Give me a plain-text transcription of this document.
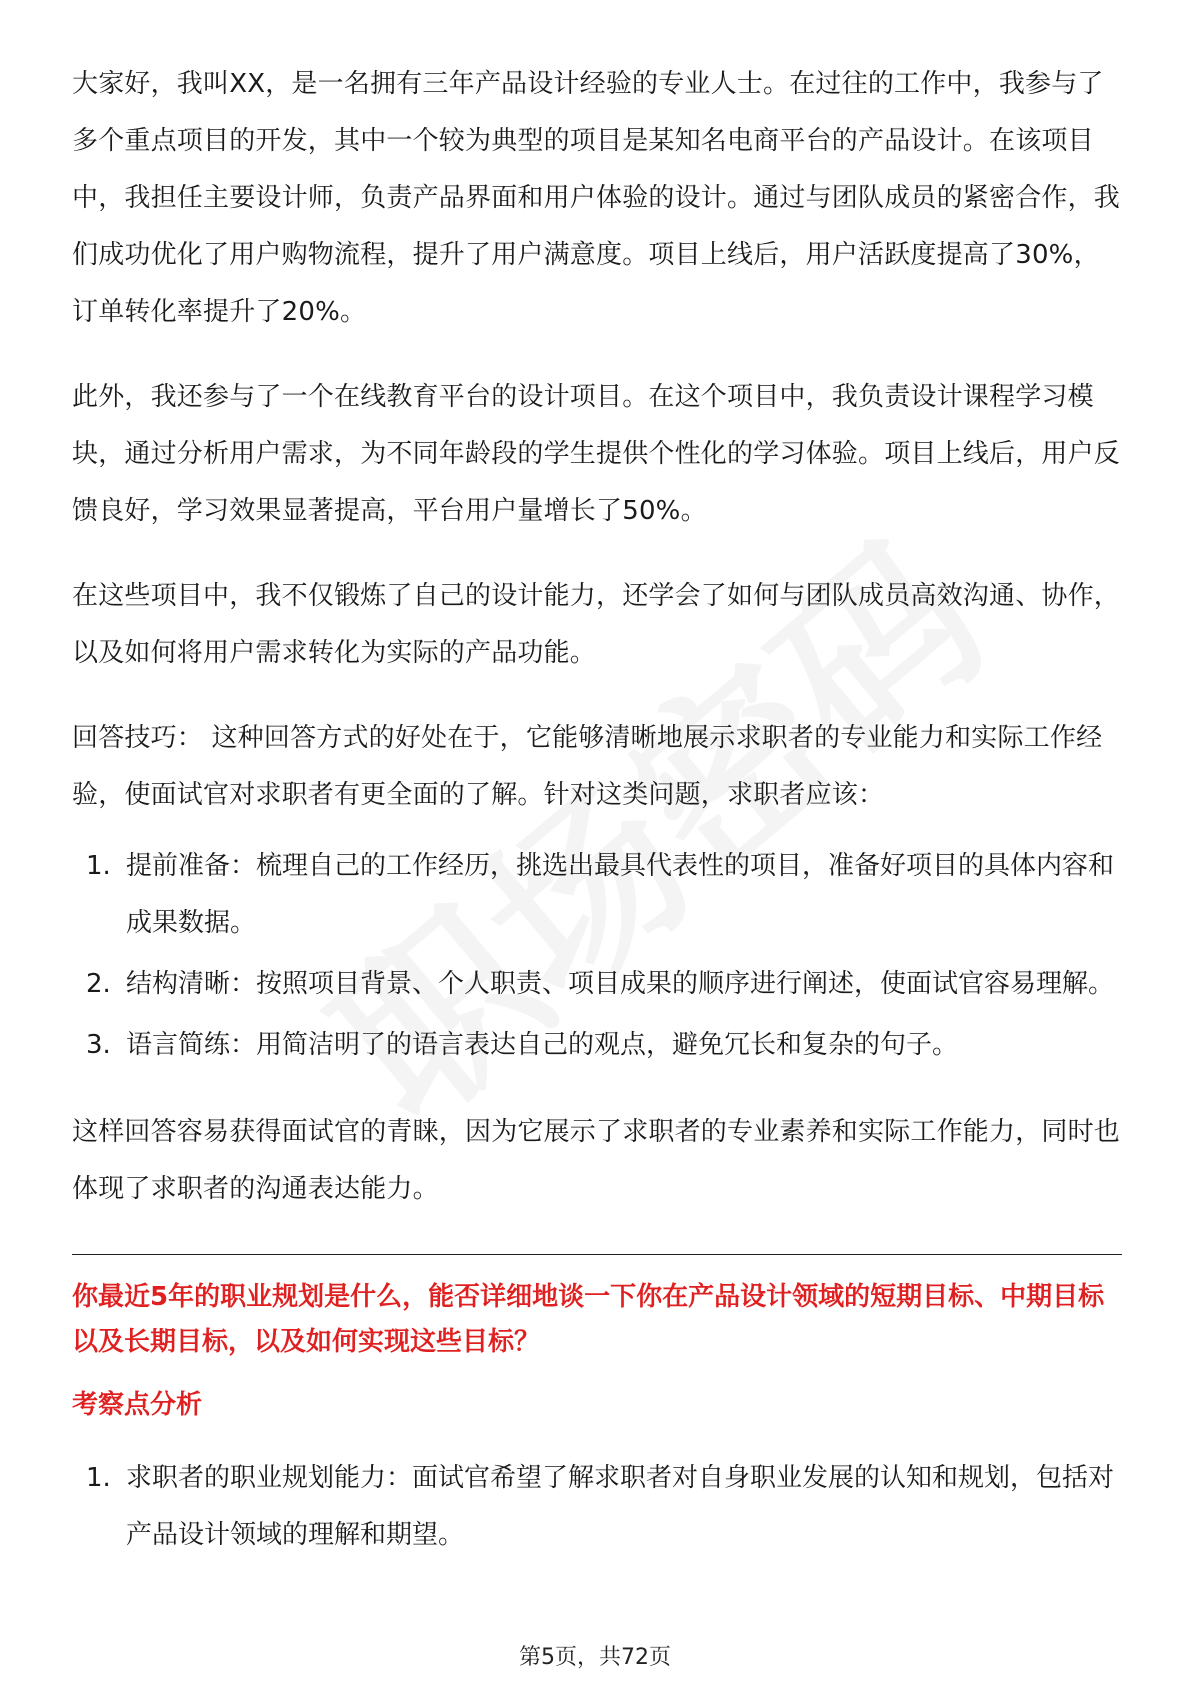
大家好，我叫XX，是一名拥有三年产品设计经验的专业人士。在过往的工作中，我参与了多个重点项目的开发，其中一个较为典型的项目是某知名电商平台的产品设计。在该项目中，我担任主要设计师，负责产品界面和用户体验的设计。通过与团队成员的紧密合作，我们成功优化了用户购物流程，提升了用户满意度。项目上线后，用户活跃度提高了30%，订单转化率提升了20%。

此外，我还参与了一个在线教育平台的设计项目。在这个项目中，我负责设计课程学习模块，通过分析用户需求，为不同年龄段的学生提供个性化的学习体验。项目上线后，用户反馈良好，学习效果显著提高，平台用户量增长了50%。

在这些项目中，我不仅锻炼了自己的设计能力，还学会了如何与团队成员高效沟通、协作，以及如何将用户需求转化为实际的产品功能。

回答技巧： 这种回答方式的好处在于，它能够清晰地展示求职者的专业能力和实际工作经验，使面试官对求职者有更全面的了解。针对这类问题，求职者应该：

1. 提前准备：梳理自己的工作经历，挑选出最具代表性的项目，准备好项目的具体内容和成果数据。
2. 结构清晰：按照项目背景、个人职责、项目成果的顺序进行阐述，使面试官容易理解。
3. 语言简练：用简洁明了的语言表达自己的观点，避免冗长和复杂的句子。

这样回答容易获得面试官的青睐，因为它展示了求职者的专业素养和实际工作能力，同时也体现了求职者的沟通表达能力。

你最近5年的职业规划是什么，能否详细地谈一下你在产品设计领域的短期目标、中期目标以及长期目标，以及如何实现这些目标？

考察点分析

1. 求职者的职业规划能力：面试官希望了解求职者对自身职业发展的认知和规划，包括对产品设计领域的理解和期望。
第5页，共72页
